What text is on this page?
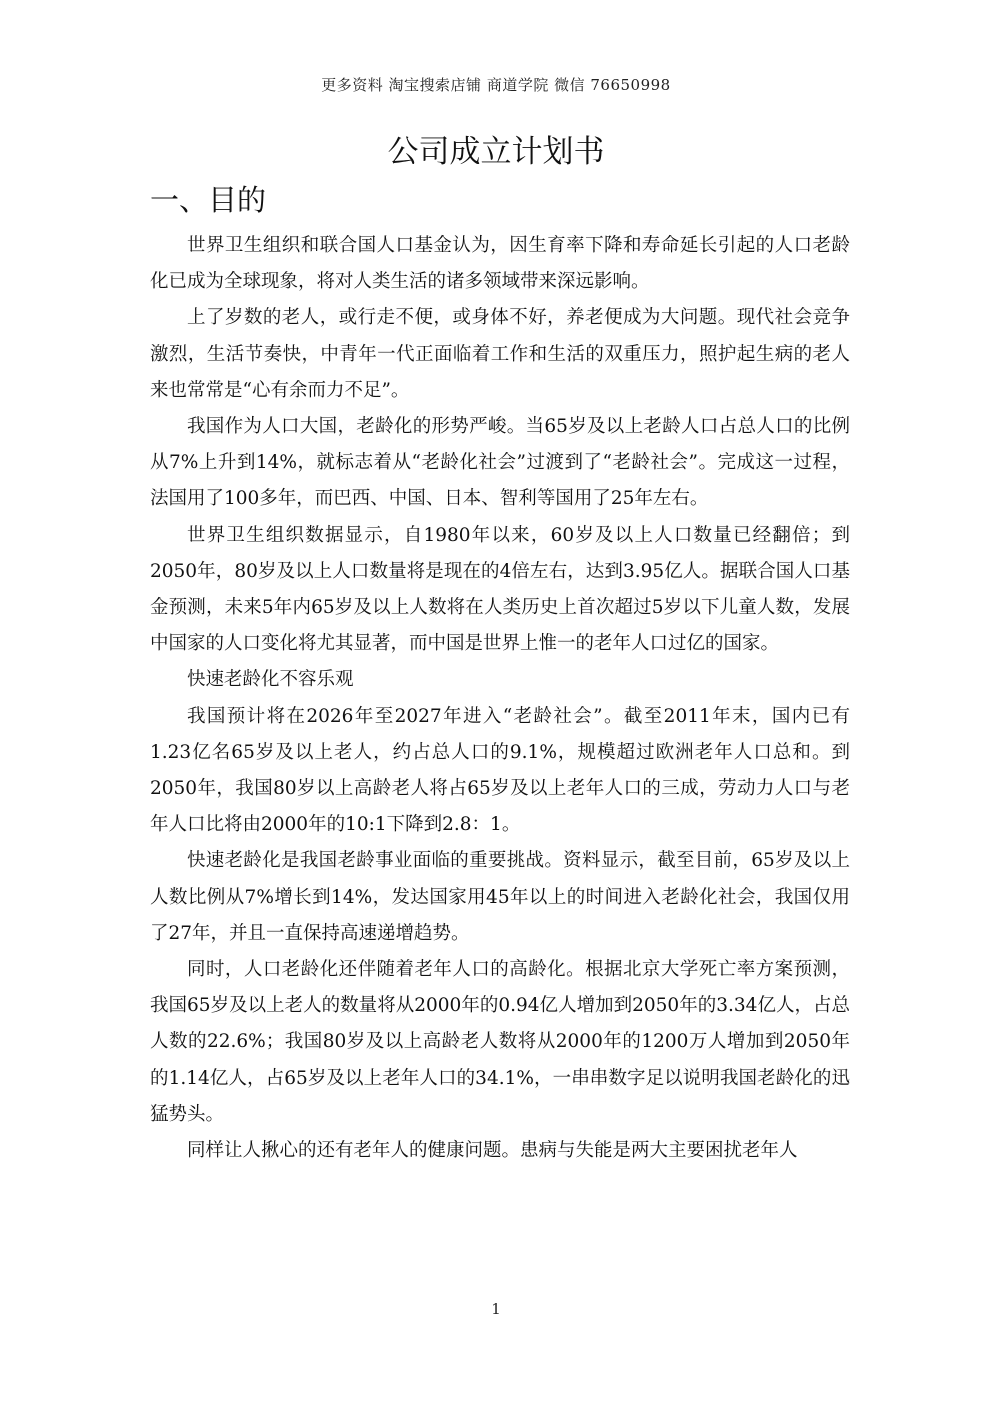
更多资料 淘宝搜索店铺 商道学院 微信 76650998
公司成立计划书
一、目的

世界卫生组织和联合国人口基金认为，因生育率下降和寿命延长引起的人口老龄化已成为全球现象，将对人类生活的诸多领域带来深远影响。

上了岁数的老人，或行走不便，或身体不好，养老便成为大问题。现代社会竞争激烈，生活节奏快，中青年一代正面临着工作和生活的双重压力，照护起生病的老人来也常常是“心有余而力不足”。

我国作为人口大国，老龄化的形势严峻。当65岁及以上老龄人口占总人口的比例从7%上升到14%，就标志着从“老龄化社会”过渡到了“老龄社会”。完成这一过程，法国用了100多年，而巴西、中国、日本、智利等国用了25年左右。

世界卫生组织数据显示，自1980年以来，60岁及以上人口数量已经翻倍；到2050年，80岁及以上人口数量将是现在的4倍左右，达到3.95亿人。据联合国人口基金预测，未来5年内65岁及以上人数将在人类历史上首次超过5岁以下儿童人数，发展中国家的人口变化将尤其显著，而中国是世界上惟一的老年人口过亿的国家。

快速老龄化不容乐观

我国预计将在2026年至2027年进入“老龄社会”。截至2011年末，国内已有1.23亿名65岁及以上老人，约占总人口的9.1%，规模超过欧洲老年人口总和。到2050年，我国80岁以上高龄老人将占65岁及以上老年人口的三成，劳动力人口与老年人口比将由2000年的10:1下降到2.8：1。

快速老龄化是我国老龄事业面临的重要挑战。资料显示，截至目前，65岁及以上人数比例从7%增长到14%，发达国家用45年以上的时间进入老龄化社会，我国仅用了27年，并且一直保持高速递增趋势。

同时，人口老龄化还伴随着老年人口的高龄化。根据北京大学死亡率方案预测，我国65岁及以上老人的数量将从2000年的0.94亿人增加到2050年的3.34亿人，占总人数的22.6%；我国80岁及以上高龄老人数将从2000年的1200万人增加到2050年的1.14亿人，占65岁及以上老年人口的34.1%，一串串数字足以说明我国老龄化的迅猛势头。

同样让人揪心的还有老年人的健康问题。患病与失能是两大主要困扰老年人

1
